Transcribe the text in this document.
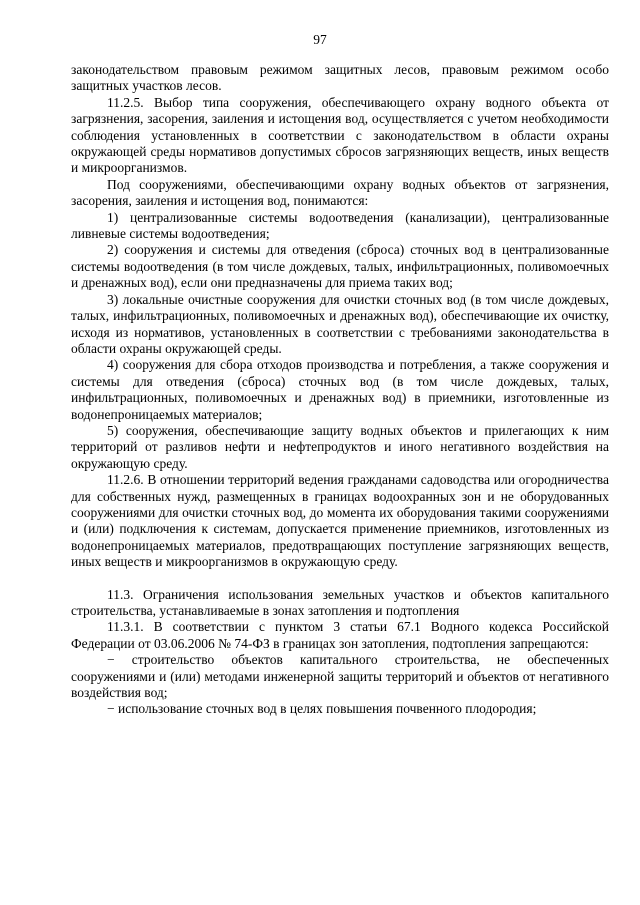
97

законодательством правовым режимом защитных лесов, правовым режимом особо защитных участков лесов.

11.2.5. Выбор типа сооружения, обеспечивающего охрану водного объекта от загрязнения, засорения, заиления и истощения вод, осуществляется с учетом необходимости соблюдения установленных в соответствии с законодательством в области охраны окружающей среды нормативов допустимых сбросов загрязняющих веществ, иных веществ и микроорганизмов.

Под сооружениями, обеспечивающими охрану водных объектов от загрязнения, засорения, заиления и истощения вод, понимаются:

1) централизованные системы водоотведения (канализации), централизованные ливневые системы водоотведения;

2) сооружения и системы для отведения (сброса) сточных вод в централизованные системы водоотведения (в том числе дождевых, талых, инфильтрационных, поливомоечных и дренажных вод), если они предназначены для приема таких вод;

3) локальные очистные сооружения для очистки сточных вод (в том числе дождевых, талых, инфильтрационных, поливомоечных и дренажных вод), обеспечивающие их очистку, исходя из нормативов, установленных в соответствии с требованиями законодательства в области охраны окружающей среды.

4) сооружения для сбора отходов производства и потребления, а также сооружения и системы для отведения (сброса) сточных вод (в том числе дождевых, талых, инфильтрационных, поливомоечных и дренажных вод) в приемники, изготовленные из водонепроницаемых материалов;

5) сооружения, обеспечивающие защиту водных объектов и прилегающих к ним территорий от разливов нефти и нефтепродуктов и иного негативного воздействия на окружающую среду.

11.2.6. В отношении территорий ведения гражданами садоводства или огородничества для собственных нужд, размещенных в границах водоохранных зон и не оборудованных сооружениями для очистки сточных вод, до момента их оборудования такими сооружениями и (или) подключения к системам, допускается применение приемников, изготовленных из водонепроницаемых материалов, предотвращающих поступление загрязняющих веществ, иных веществ и микроорганизмов в окружающую среду.

11.3. Ограничения использования земельных участков и объектов капитального строительства, устанавливаемые в зонах затопления и подтопления

11.3.1. В соответствии с пунктом 3 статьи 67.1 Водного кодекса Российской Федерации от 03.06.2006 № 74-ФЗ в границах зон затопления, подтопления запрещаются:

− строительство объектов капитального строительства, не обеспеченных сооружениями и (или) методами инженерной защиты территорий и объектов от негативного воздействия вод;

− использование сточных вод в целях повышения почвенного плодородия;
